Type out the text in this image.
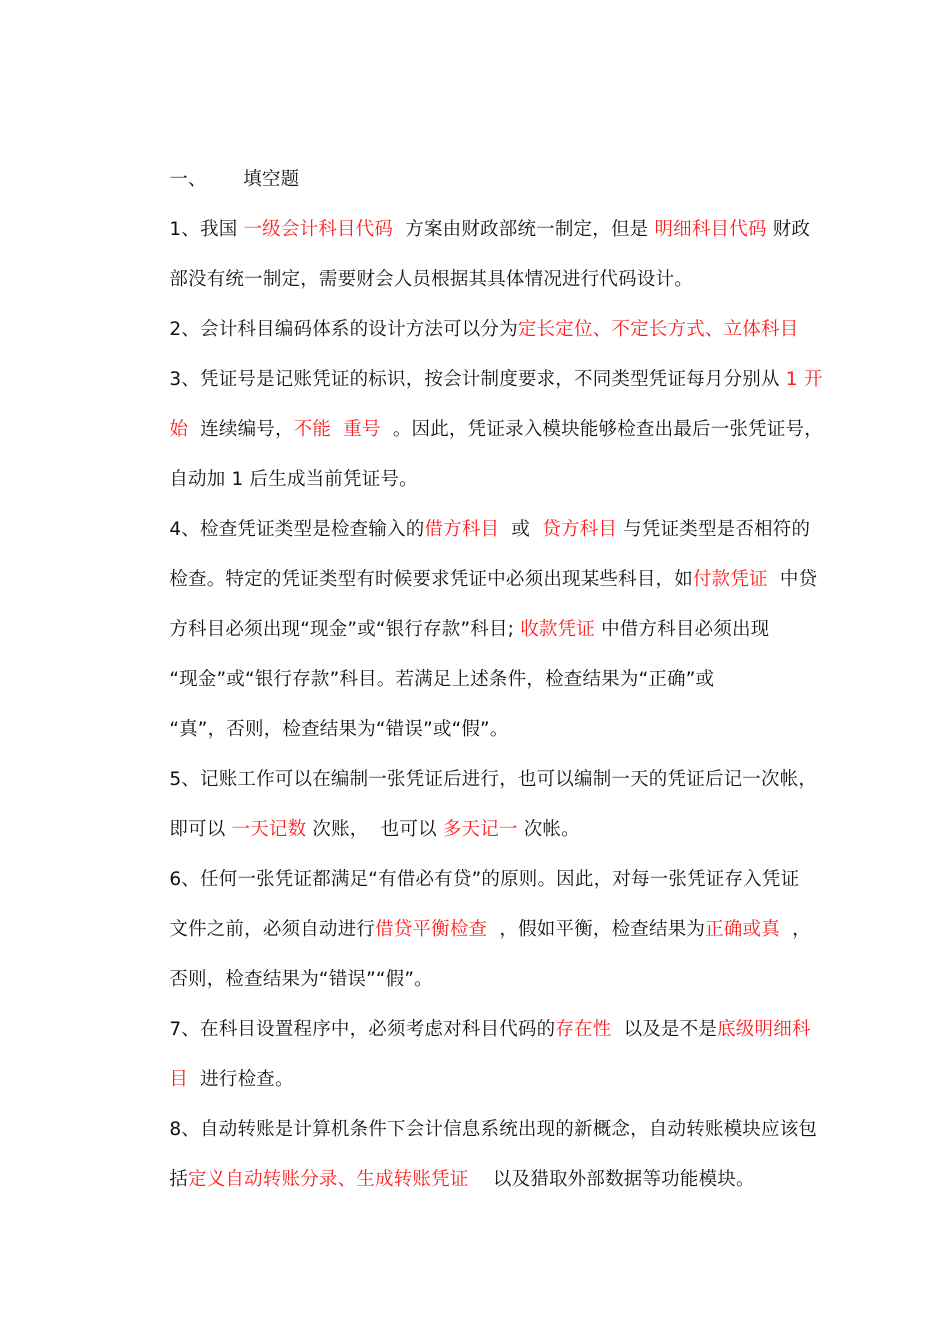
一、      填空题

1、我国 一级会计科目代码  方案由财政部统一制定，但是 明细科目代码 财政

部没有统一制定，需要财会人员根据其具体情况进行代码设计。

2、会计科目编码体系的设计方法可以分为定长定位、不定长方式、立体科目

3、凭证号是记账凭证的标识，按会计制度要求，不同类型凭证每月分别从 1 开

始  连续编号，不能  重号  。因此，凭证录入模块能够检查出最后一张凭证号，

自动加 1 后生成当前凭证号。

4、检查凭证类型是检查输入的借方科目  或  贷方科目 与凭证类型是否相符的

检查。特定的凭证类型有时候要求凭证中必须出现某些科目，如付款凭证  中贷

方科目必须出现“现金”或“银行存款”科目; 收款凭证 中借方科目必须出现

“现金”或“银行存款”科目。若满足上述条件，检查结果为“正确”或

“真”，否则，检查结果为“错误”或“假”。

5、记账工作可以在编制一张凭证后进行，也可以编制一天的凭证后记一次帐，

即可以 一天记数 次账，  也可以 多天记一 次帐。

6、任何一张凭证都满足“有借必有贷”的原则。因此，对每一张凭证存入凭证

文件之前，必须自动进行借贷平衡检查  ，假如平衡，检查结果为正确或真  ，

否则，检查结果为“错误”“假”。

7、在科目设置程序中，必须考虑对科目代码的存在性  以及是不是底级明细科

目  进行检查。

8、自动转账是计算机条件下会计信息系统出现的新概念，自动转账模块应该包

括定义自动转账分录、生成转账凭证    以及猎取外部数据等功能模块。
